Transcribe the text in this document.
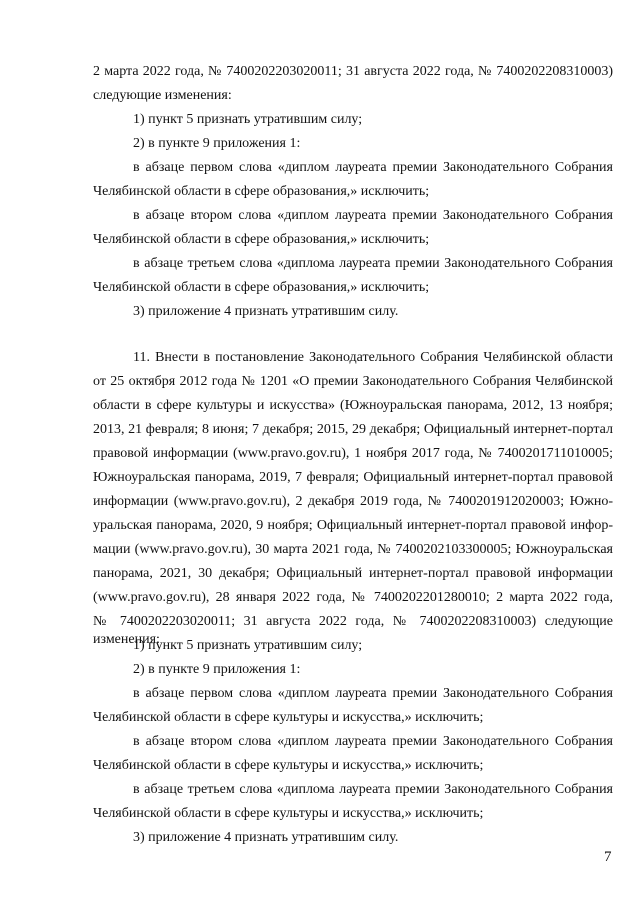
2 марта 2022 года, № 7400202203020011; 31 августа 2022 года, № 7400202208310003)
следующие изменения:
1) пункт 5 признать утратившим силу;
2) в пункте 9 приложения 1:
в абзаце первом слова «диплом лауреата премии Законодательного Собрания
Челябинской области в сфере образования,» исключить;
в абзаце втором слова «диплом лауреата премии Законодательного Собрания
Челябинской области в сфере образования,» исключить;
в абзаце третьем слова «диплома лауреата премии Законодательного Собрания
Челябинской области в сфере образования,» исключить;
3) приложение 4 признать утратившим силу.
11. Внести в постановление Законодательного Собрания Челябинской области
от 25 октября 2012 года № 1201 «О премии Законодательного Собрания Челябинской
области в сфере культуры и искусства» (Южноуральская панорама, 2012, 13 ноября;
2013, 21 февраля; 8 июня; 7 декабря; 2015, 29 декабря; Официальный интернет-портал
правовой информации (www.pravo.gov.ru), 1 ноября 2017 года, № 7400201711010005;
Южноуральская панорама, 2019, 7 февраля; Официальный интернет-портал правовой
информации (www.pravo.gov.ru), 2 декабря 2019 года, № 7400201912020003; Южно-
уральская панорама, 2020, 9 ноября; Официальный интернет-портал правовой инфор-
мации (www.pravo.gov.ru), 30 марта 2021 года, № 7400202103300005; Южноуральская
панорама, 2021, 30 декабря; Официальный интернет-портал правовой информации
(www.pravo.gov.ru), 28 января 2022 года, № 7400202201280010; 2 марта 2022 года,
№ 7400202203020011; 31 августа 2022 года, № 7400202208310003) следующие изменения:
1) пункт 5 признать утратившим силу;
2) в пункте 9 приложения 1:
в абзаце первом слова «диплом лауреата премии Законодательного Собрания
Челябинской области в сфере культуры и искусства,» исключить;
в абзаце втором слова «диплом лауреата премии Законодательного Собрания
Челябинской области в сфере культуры и искусства,» исключить;
в абзаце третьем слова «диплома лауреата премии Законодательного Собрания
Челябинской области в сфере культуры и искусства,» исключить;
3) приложение 4 признать утратившим силу.
7
